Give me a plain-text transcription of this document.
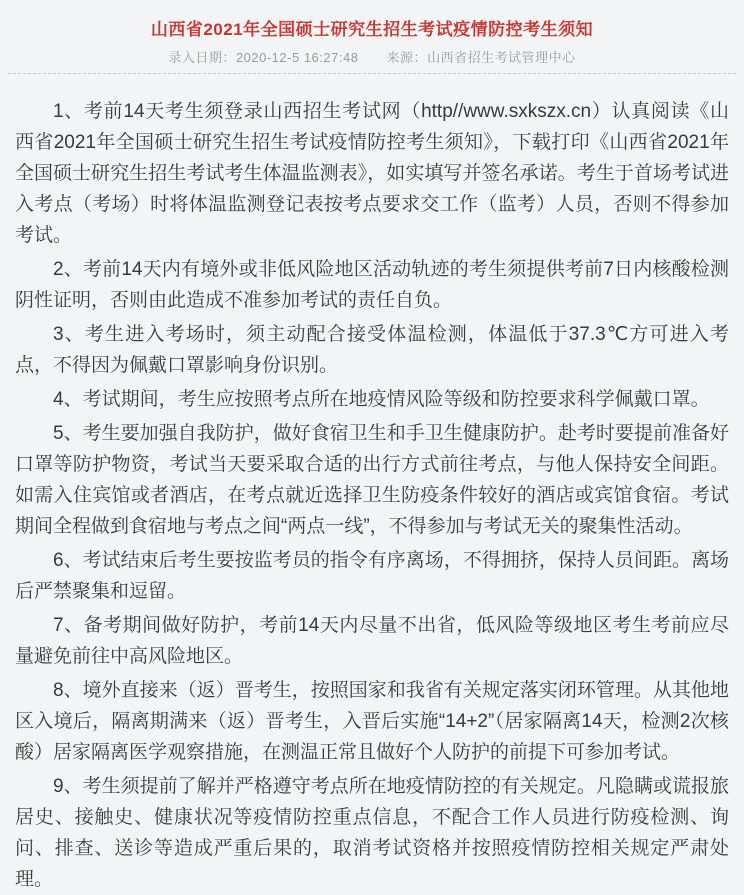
山西省2021年全国硕士研究生招生考试疫情防控考生须知
录入日期：2020-12-5 16:27:48 来源：山西省招生考试管理中心

1、考前14天考生须登录山西招生考试网（http//www.sxkszx.cn）认真阅读《山西省2021年全国硕士研究生招生考试疫情防控考生须知》，下载打印《山西省2021年全国硕士研究生招生考试考生体温监测表》，如实填写并签名承诺。考生于首场考试进入考点（考场）时将体温监测登记表按考点要求交工作（监考）人员，否则不得参加考试。

2、考前14天内有境外或非低风险地区活动轨迹的考生须提供考前7日内核酸检测阴性证明，否则由此造成不准参加考试的责任自负。

3、考生进入考场时，须主动配合接受体温检测，体温低于37.3℃方可进入考点，不得因为佩戴口罩影响身份识别。

4、考试期间，考生应按照考点所在地疫情风险等级和防控要求科学佩戴口罩。

5、考生要加强自我防护，做好食宿卫生和手卫生健康防护。赴考时要提前准备好口罩等防护物资，考试当天要采取合适的出行方式前往考点，与他人保持安全间距。如需入住宾馆或者酒店，在考点就近选择卫生防疫条件较好的酒店或宾馆食宿。考试期间全程做到食宿地与考点之间“两点一线”，不得参加与考试无关的聚集性活动。

6、考试结束后考生要按监考员的指令有序离场，不得拥挤，保持人员间距。离场后严禁聚集和逗留。

7、备考期间做好防护，考前14天内尽量不出省，低风险等级地区考生考前应尽量避免前往中高风险地区。

8、境外直接来（返）晋考生，按照国家和我省有关规定落实闭环管理。从其他地区入境后，隔离期满来（返）晋考生，入晋后实施“14+2”（居家隔离14天，检测2次核酸）居家隔离医学观察措施，在测温正常且做好个人防护的前提下可参加考试。

9、考生须提前了解并严格遵守考点所在地疫情防控的有关规定。凡隐瞒或谎报旅居史、接触史、健康状况等疫情防控重点信息，不配合工作人员进行防疫检测、询问、排查、送诊等造成严重后果的，取消考试资格并按照疫情防控相关规定严肃处理。
